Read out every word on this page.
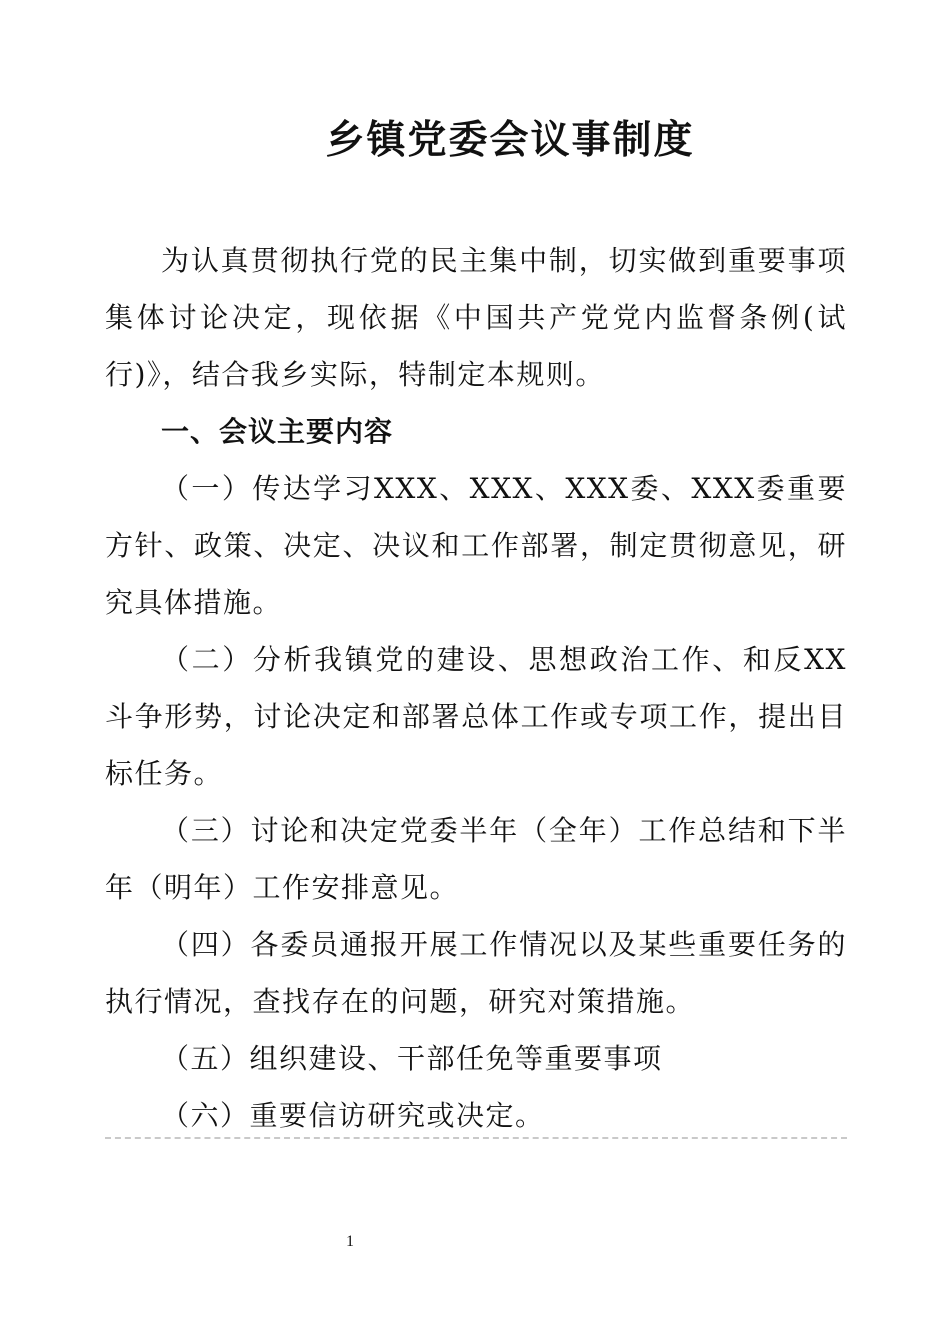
乡镇党委会议事制度

为认真贯彻执行党的民主集中制，切实做到重要事项集体讨论决定，现依据《中国共产党党内监督条例(试行)》，结合我乡实际，特制定本规则。

一、会议主要内容

（一）传达学习XXX、XXX、XXX委、XXX委重要方针、政策、决定、决议和工作部署，制定贯彻意见，研究具体措施。

（二）分析我镇党的建设、思想政治工作、和反XX斗争形势，讨论决定和部署总体工作或专项工作，提出目标任务。

（三）讨论和决定党委半年（全年）工作总结和下半年（明年）工作安排意见。

（四）各委员通报开展工作情况以及某些重要任务的执行情况，查找存在的问题，研究对策措施。

（五）组织建设、干部任免等重要事项

（六）重要信访研究或决定。

1
